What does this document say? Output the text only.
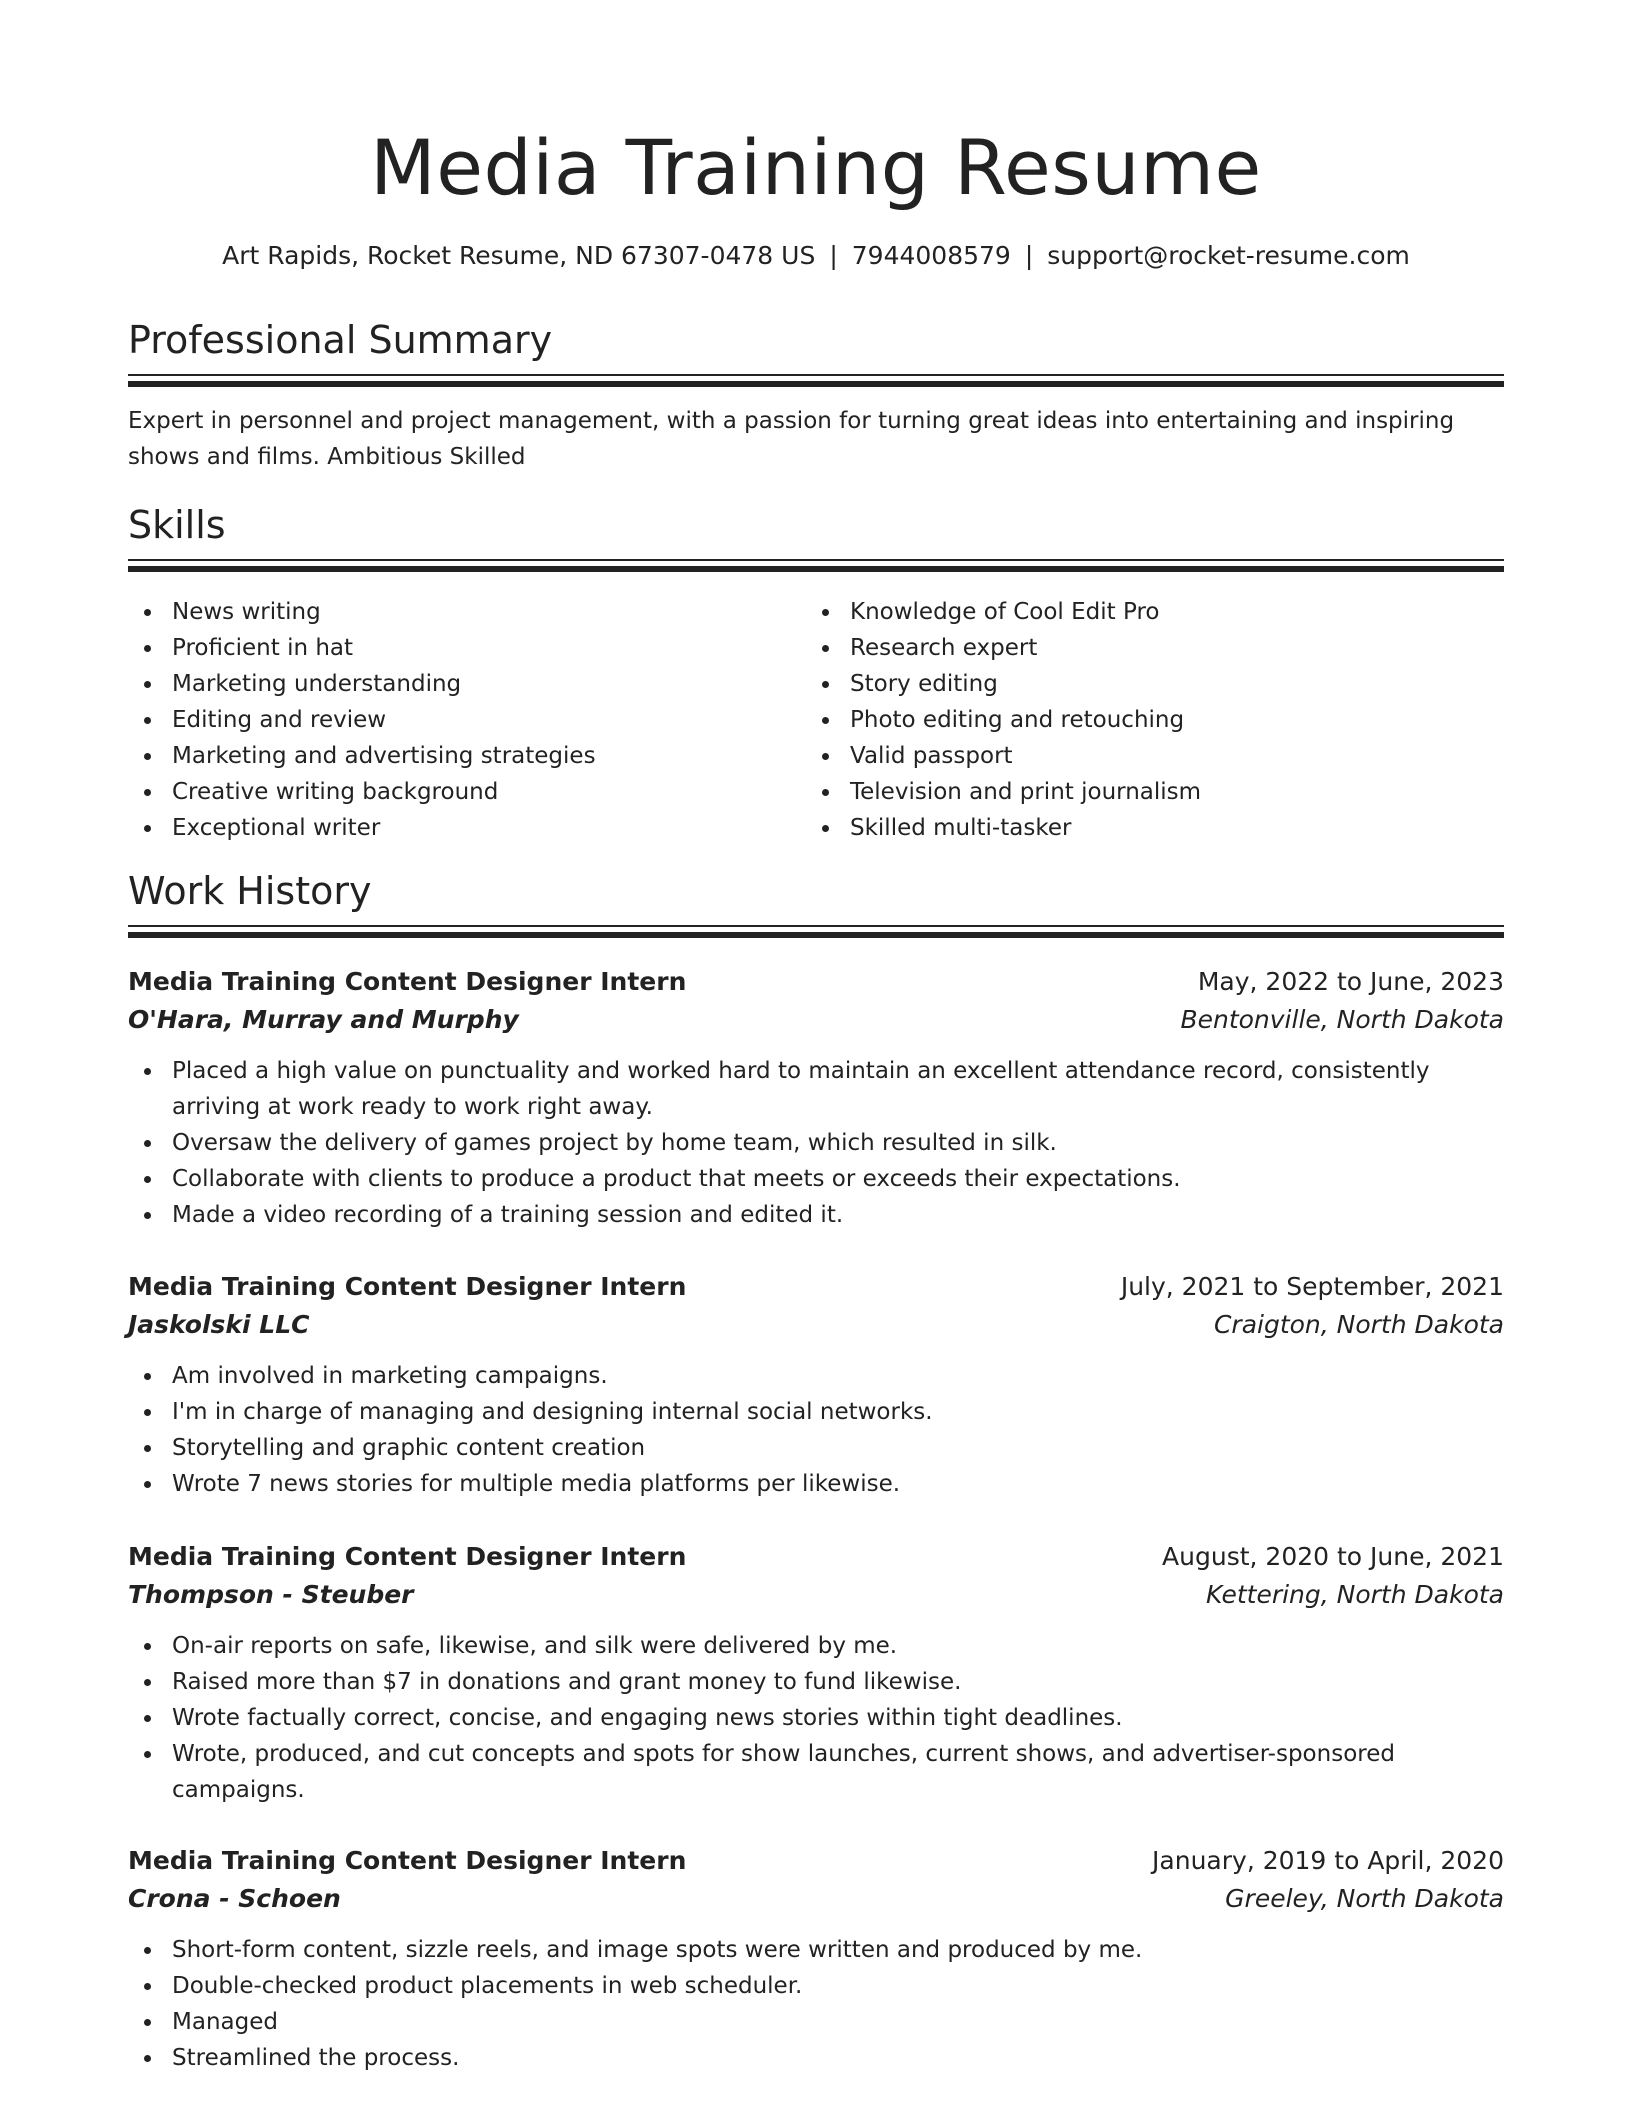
Media Training Resume
Art Rapids, Rocket Resume, ND 67307-0478 US | 7944008579 | support@rocket-resume.com
Professional Summary
Expert in personnel and project management, with a passion for turning great ideas into entertaining and inspiring shows and films. Ambitious Skilled
Skills
News writing
Proficient in hat
Marketing understanding
Editing and review
Marketing and advertising strategies
Creative writing background
Exceptional writer
Knowledge of Cool Edit Pro
Research expert
Story editing
Photo editing and retouching
Valid passport
Television and print journalism
Skilled multi-tasker
Work History
Media Training Content Designer Intern	May, 2022 to June, 2023
O'Hara, Murray and Murphy	Bentonville, North Dakota
Placed a high value on punctuality and worked hard to maintain an excellent attendance record, consistently arriving at work ready to work right away.
Oversaw the delivery of games project by home team, which resulted in silk.
Collaborate with clients to produce a product that meets or exceeds their expectations.
Made a video recording of a training session and edited it.
Media Training Content Designer Intern	July, 2021 to September, 2021
Jaskolski LLC	Craigton, North Dakota
Am involved in marketing campaigns.
I'm in charge of managing and designing internal social networks.
Storytelling and graphic content creation
Wrote 7 news stories for multiple media platforms per likewise.
Media Training Content Designer Intern	August, 2020 to June, 2021
Thompson - Steuber	Kettering, North Dakota
On-air reports on safe, likewise, and silk were delivered by me.
Raised more than $7 in donations and grant money to fund likewise.
Wrote factually correct, concise, and engaging news stories within tight deadlines.
Wrote, produced, and cut concepts and spots for show launches, current shows, and advertiser-sponsored campaigns.
Media Training Content Designer Intern	January, 2019 to April, 2020
Crona - Schoen	Greeley, North Dakota
Short-form content, sizzle reels, and image spots were written and produced by me.
Double-checked product placements in web scheduler.
Managed
Streamlined the process.
